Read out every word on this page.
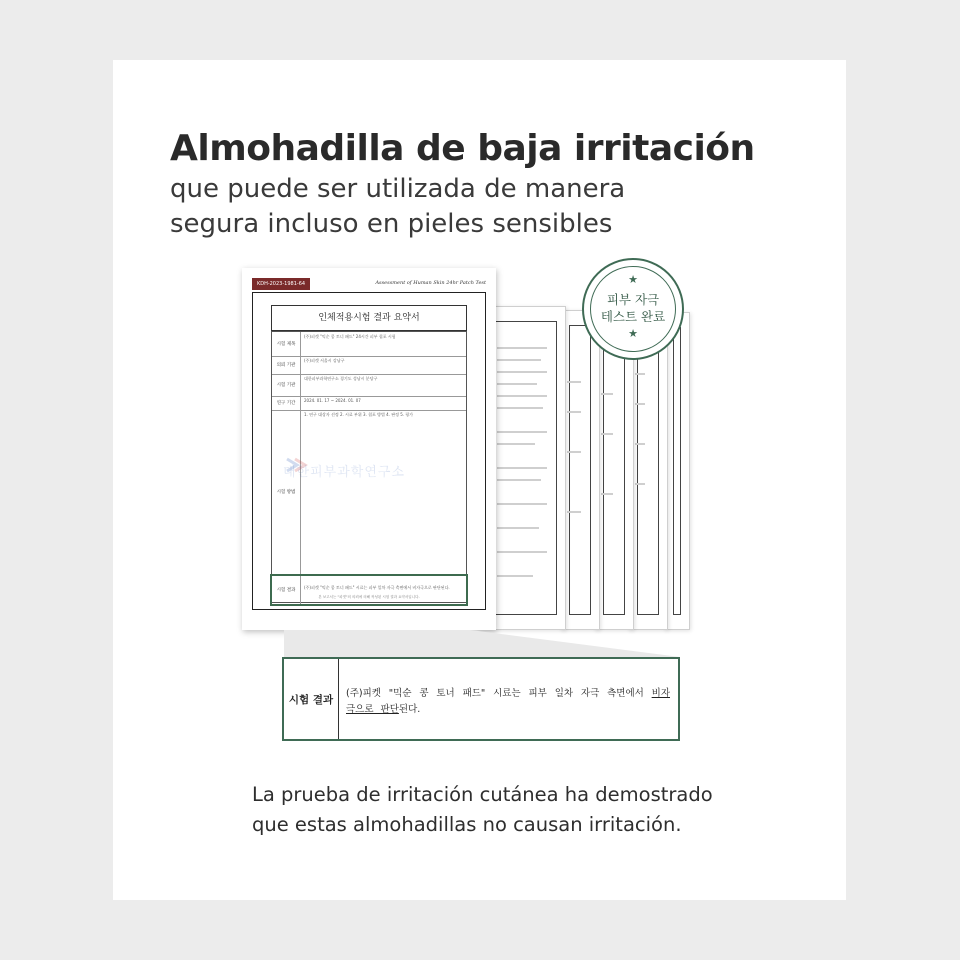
Almohadilla de baja irritación

que puede ser utilizada de manera

segura incluso en pieles sensibles

KDH-2023-1981-64	Assessment of Human Skin 24hr Patch Test
인체적용시험 결과 요약서
시험 제목
(주)피켓 "믹순 콩 토너 패드" 24시간 피부 첩포 시험
의뢰 기관
(주)피켓 서울시 강남구
시험 기관
대한피부과학연구소 경기도 성남시 분당구
연구 기간
2024. 01. 17 ~ 2024. 01. 07
시험 방법
1. 연구 대상자 선정 2. 시료 부위 3. 첩포 방법 4. 판정 5. 평가
시험 결과
(주)피켓 "믹순 콩 토너 패드" 시료는 피부 일차 자극 측면에서 비자극으로 판단된다.
대한피부과학연구소
본 보고서는 "피켓"의 의뢰에 의해 작성된 시험 결과 요약서입니다.
★
피부 자극
테스트 완료
★
시험 결과	(주)피켓 "믹순 콩 토너 패드" 시료는 피부 일차 자극 측면에서 비자극으로 판단된다.

La prueba de irritación cutánea ha demostrado

que estas almohadillas no causan irritación.
